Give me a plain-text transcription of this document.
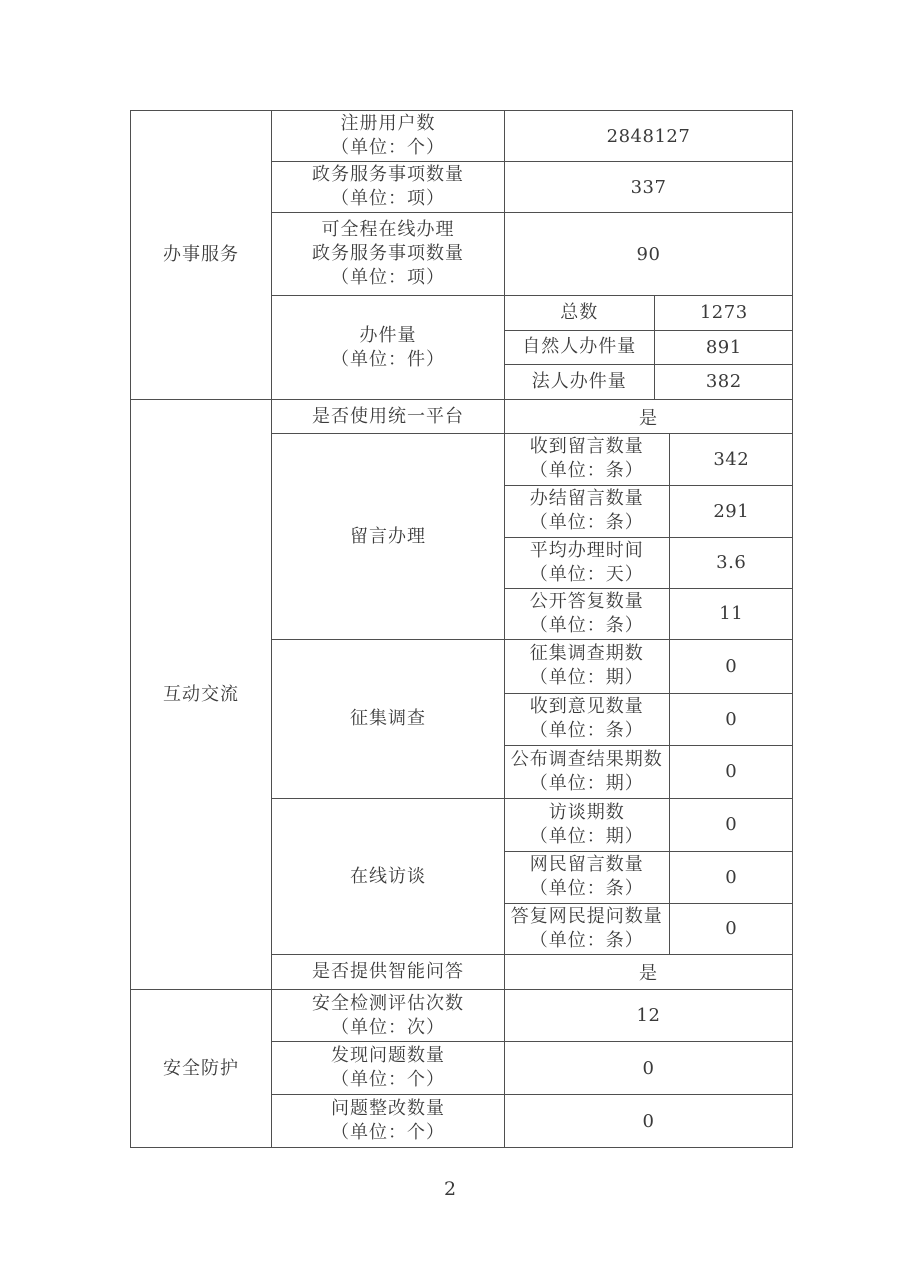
办事服务

注册用户数
（单位：个）
	2848127

政务服务事项数量
（单位：项）
	337

可全程在线办理
政务服务事项数量
（单位：项）
	90

办件量
（单位：件）

总数	1273
自然人办件量	891
法人办件量	382

互动交流

是否使用统一平台	是

留言办理

收到留言数量
（单位：条）
	342

办结留言数量
（单位：条）
	291

平均办理时间
（单位：天）
	3.6

公开答复数量
（单位：条）
	11

征集调查

征集调查期数
（单位：期）
	0

收到意见数量
（单位：条）
	0

公布调查结果期数
（单位：期）
	0

在线访谈

访谈期数
（单位：期）
	0

网民留言数量
（单位：条）
	0

答复网民提问数量
（单位：条）
	0

是否提供智能问答	是

安全防护

安全检测评估次数
（单位：次）
	12

发现问题数量
（单位：个）
	0

问题整改数量
（单位：个）
	0
2
